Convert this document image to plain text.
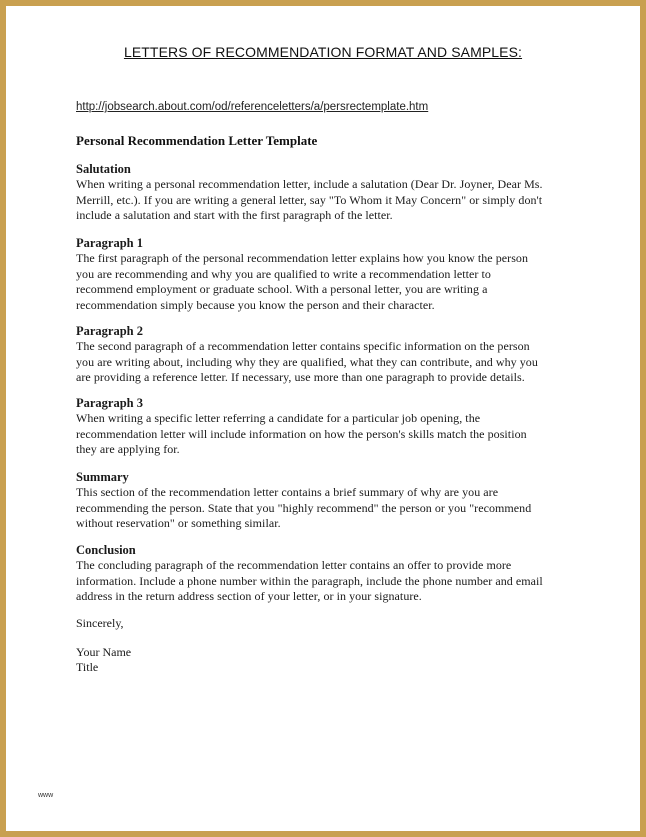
LETTERS OF RECOMMENDATION FORMAT AND SAMPLES:
http://jobsearch.about.com/od/referenceletters/a/persrectemplate.htm
Personal Recommendation Letter Template
Salutation

When writing a personal recommendation letter, include a salutation (Dear Dr. Joyner, Dear Ms.

Merrill, etc.). If you are writing a general letter, say "To Whom it May Concern" or simply don't

include a salutation and start with the first paragraph of the letter.

Paragraph 1

The first paragraph of the personal recommendation letter explains how you know the person

you are recommending and why you are qualified to write a recommendation letter to

recommend employment or graduate school. With a personal letter, you are writing a

recommendation simply because you know the person and their character.

Paragraph 2

The second paragraph of a recommendation letter contains specific information on the person

you are writing about, including why they are qualified, what they can contribute, and why you

are providing a reference letter. If necessary, use more than one paragraph to provide details.

Paragraph 3

When writing a specific letter referring a candidate for a particular job opening, the

recommendation letter will include information on how the person's skills match the position

they are applying for.

Summary

This section of the recommendation letter contains a brief summary of why are you are

recommending the person. State that you "highly recommend" the person or you "recommend

without reservation" or something similar.

Conclusion

The concluding paragraph of the recommendation letter contains an offer to provide more

information. Include a phone number within the paragraph, include the phone number and email

address in the return address section of your letter, or in your signature.

Sincerely,
Your Name
Title
www
